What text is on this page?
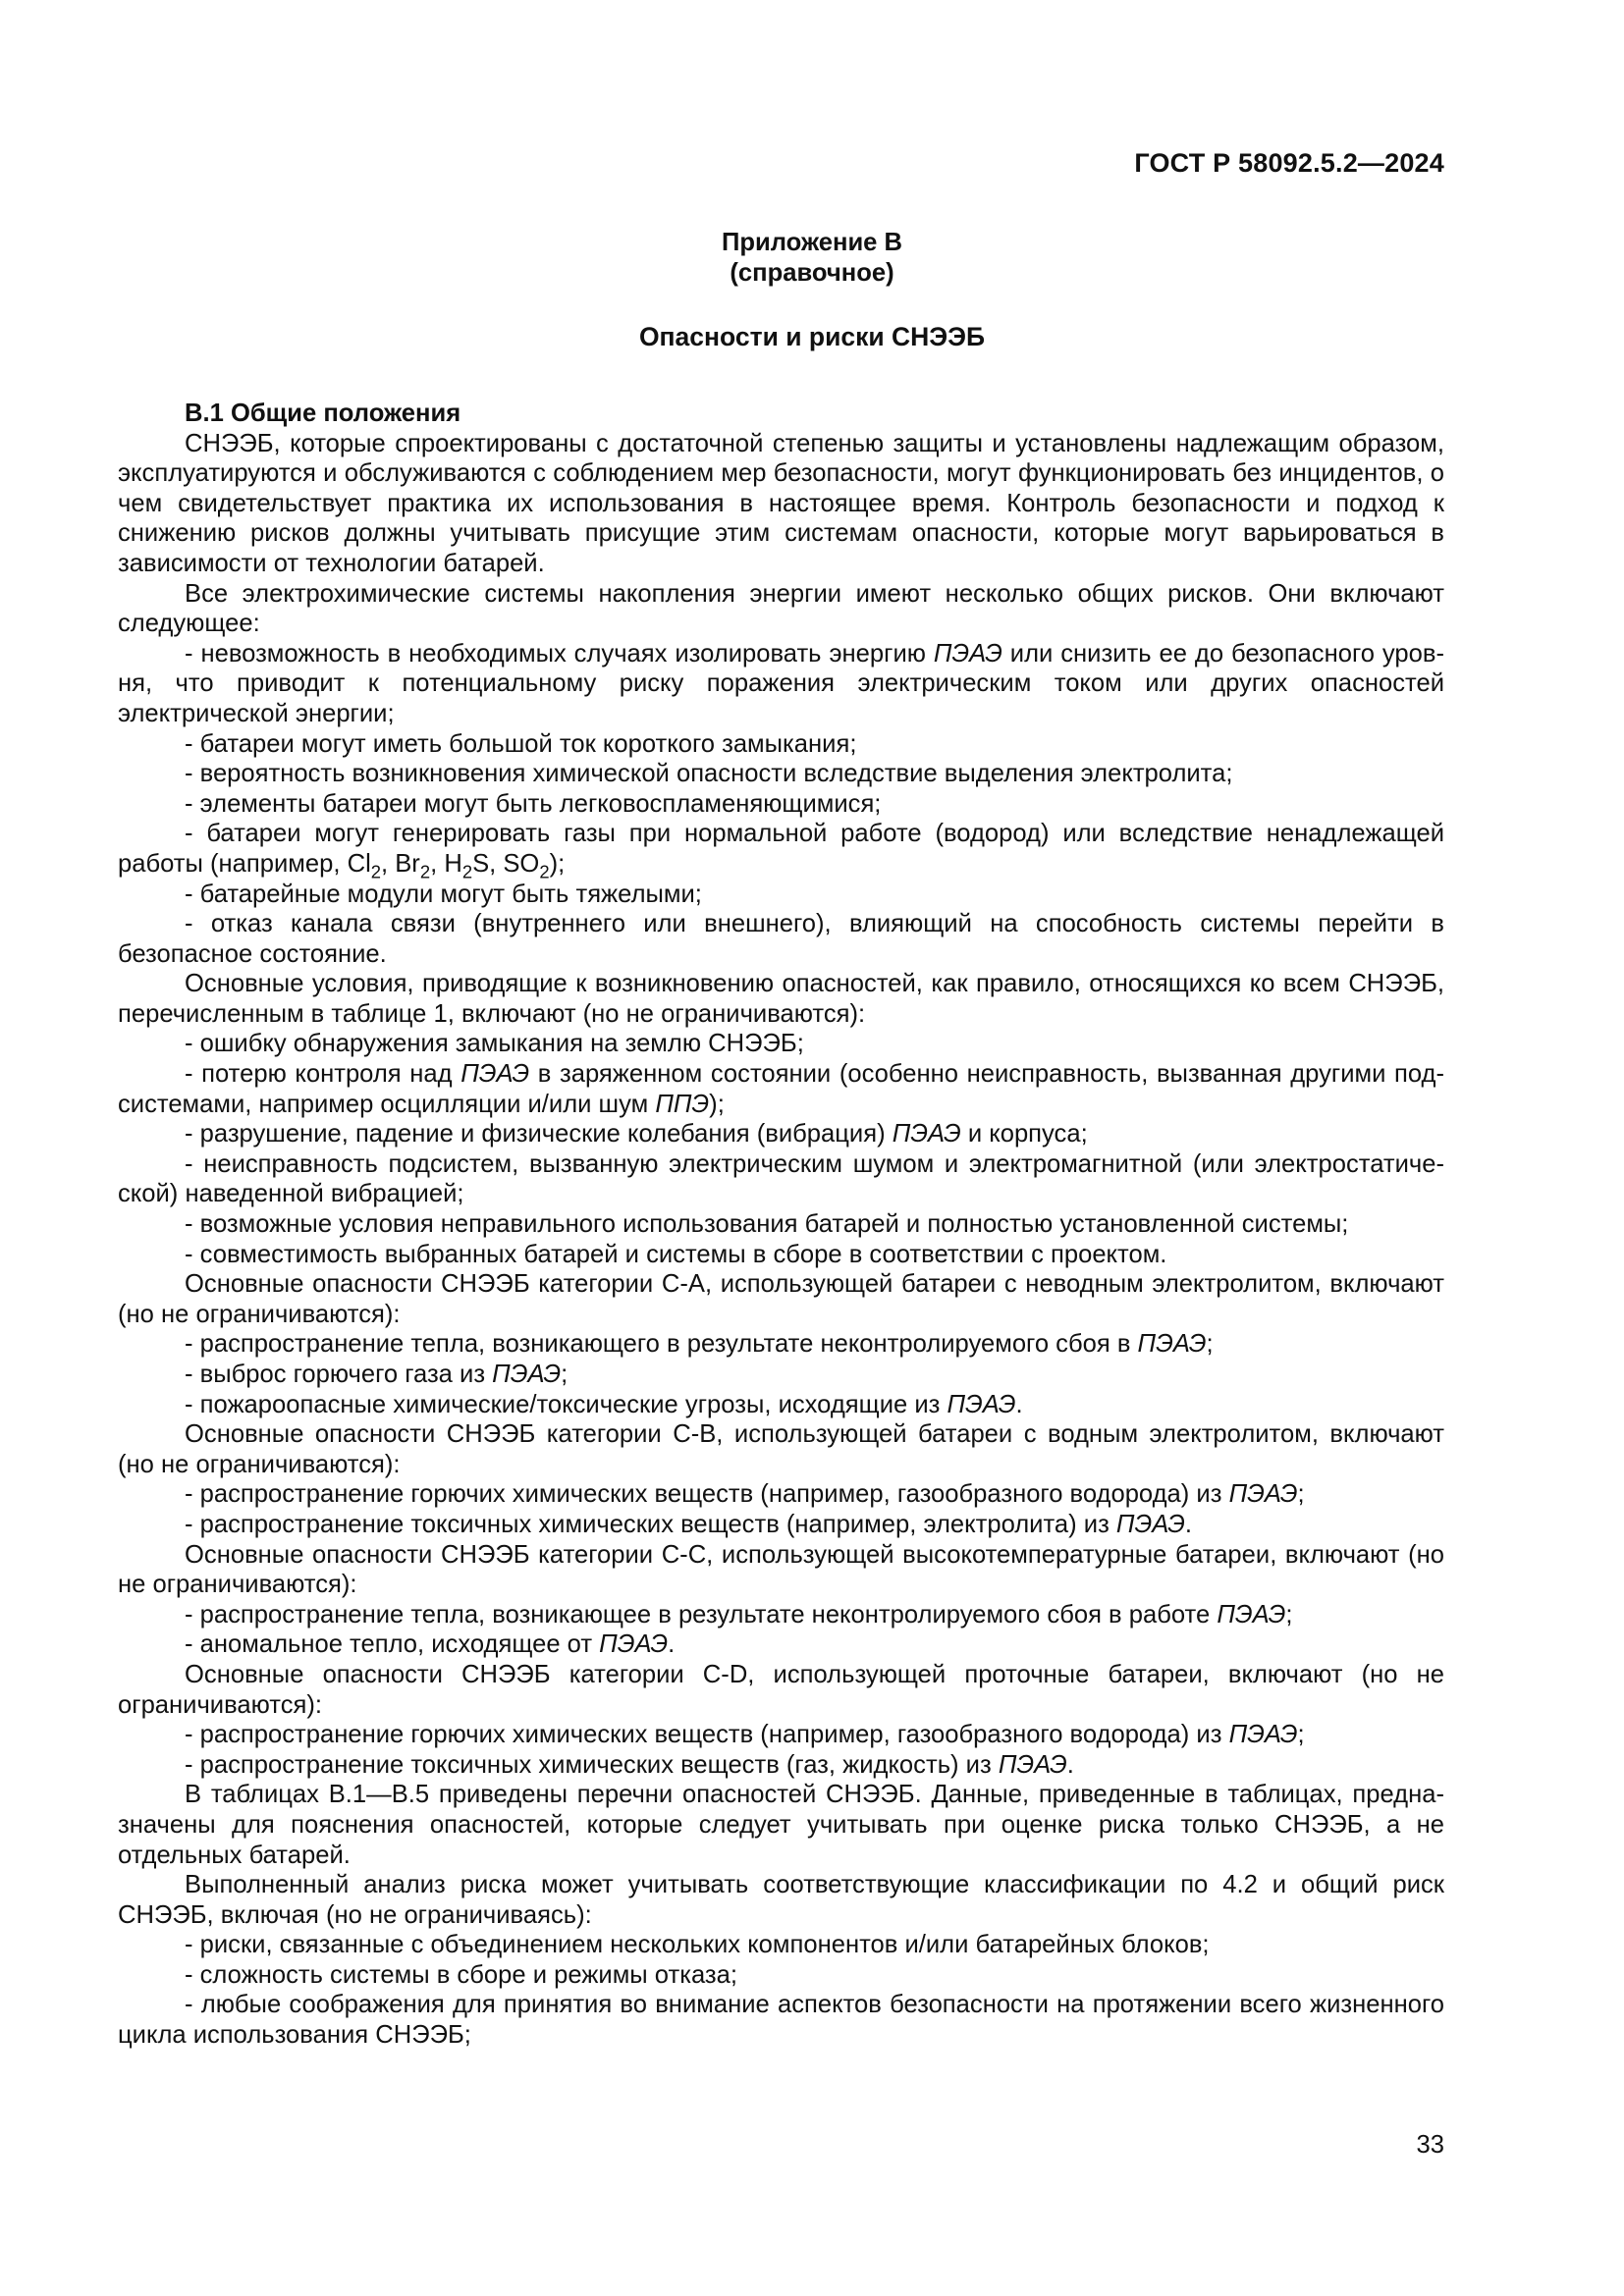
ГОСТ Р 58092.5.2—2024
Приложение В
(справочное)
Опасности и риски СНЭЭБ

В.1 Общие положения

СНЭЭБ, которые спроектированы с достаточной степенью защиты и установлены надлежащим образом, эксплуатируются и обслуживаются с соблюдением мер безопасности, могут функционировать без инцидентов, о чем свидетельствует практика их использования в настоящее время. Контроль безопасности и подход к снижению рисков должны учитывать присущие этим системам опасности, которые могут варьироваться в зависимости от технологии батарей.

Все электрохимические системы накопления энергии имеют несколько общих рисков. Они включают следующее:

- невозможность в необходимых случаях изолировать энергию ПЭАЭ или снизить ее до безопасного уровня, что приводит к потенциальному риску поражения электрическим током или других опасностей электрической энергии;

- батареи могут иметь большой ток короткого замыкания;

- вероятность возникновения химической опасности вследствие выделения электролита;

- элементы батареи могут быть легковоспламеняющимися;

- батареи могут генерировать газы при нормальной работе (водород) или вследствие ненадлежащей работы (например, $Cl_2$, $Br_2$, $H_2S$, $SO_2$);

- батарейные модули могут быть тяжелыми;

- отказ канала связи (внутреннего или внешнего), влияющий на способность системы перейти в безопасное состояние.

Основные условия, приводящие к возникновению опасностей, как правило, относящихся ко всем СНЭЭБ, перечисленным в таблице 1, включают (но не ограничиваются):

- ошибку обнаружения замыкания на землю СНЭЭБ;

- потерю контроля над ПЭАЭ в заряженном состоянии (особенно неисправность, вызванная другими подсистемами, например осцилляции и/или шум ППЭ);

- разрушение, падение и физические колебания (вибрация) ПЭАЭ и корпуса;

- неисправность подсистем, вызванную электрическим шумом и электромагнитной (или электростатической) наведенной вибрацией;

- возможные условия неправильного использования батарей и полностью установленной системы;

- совместимость выбранных батарей и системы в сборе в соответствии с проектом.

Основные опасности СНЭЭБ категории С-А, использующей батареи с неводным электролитом, включают (но не ограничиваются):

- распространение тепла, возникающего в результате неконтролируемого сбоя в ПЭАЭ;

- выброс горючего газа из ПЭАЭ;

- пожароопасные химические/токсические угрозы, исходящие из ПЭАЭ.

Основные опасности СНЭЭБ категории С-В, использующей батареи с водным электролитом, включают (но не ограничиваются):

- распространение горючих химических веществ (например, газообразного водорода) из ПЭАЭ;

- распространение токсичных химических веществ (например, электролита) из ПЭАЭ.

Основные опасности СНЭЭБ категории С-С, использующей высокотемпературные батареи, включают (но не ограничиваются):

- распространение тепла, возникающее в результате неконтролируемого сбоя в работе ПЭАЭ;

- аномальное тепло, исходящее от ПЭАЭ.

Основные опасности СНЭЭБ категории С-D, использующей проточные батареи, включают (но не ограничиваются):

- распространение горючих химических веществ (например, газообразного водорода) из ПЭАЭ;

- распространение токсичных химических веществ (газ, жидкость) из ПЭАЭ.

В таблицах В.1—В.5 приведены перечни опасностей СНЭЭБ. Данные, приведенные в таблицах, предназначены для пояснения опасностей, которые следует учитывать при оценке риска только СНЭЭБ, а не отдельных батарей.

Выполненный анализ риска может учитывать соответствующие классификации по 4.2 и общий риск СНЭЭБ, включая (но не ограничиваясь):

- риски, связанные с объединением нескольких компонентов и/или батарейных блоков;

- сложность системы в сборе и режимы отказа;

- любые соображения для принятия во внимание аспектов безопасности на протяжении всего жизненного цикла использования СНЭЭБ;

33
